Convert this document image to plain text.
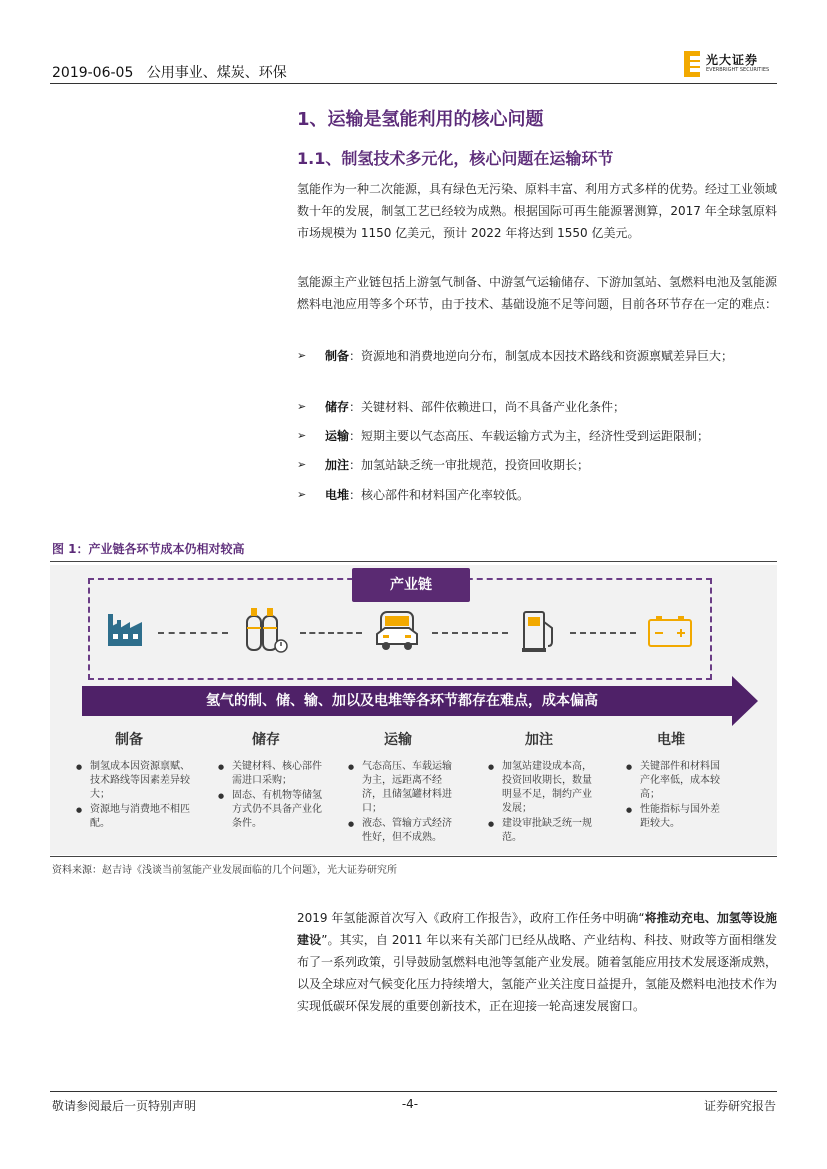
2019-06-05 公用事业、煤炭、环保
光大证券
EVERBRIGHT SECURITIES
1、运输是氢能利用的核心问题
1.1、制氢技术多元化，核心问题在运输环节
氢能作为一种二次能源，具有绿色无污染、原料丰富、利用方式多样的优势。经过工业领域数十年的发展，制氢工艺已经较为成熟。根据国际可再生能源署测算，2017 年全球氢原料市场规模为 1150 亿美元，预计 2022 年将达到 1550 亿美元。
氢能源主产业链包括上游氢气制备、中游氢气运输储存、下游加氢站、氢燃料电池及氢能源燃料电池应用等多个环节，由于技术、基础设施不足等问题，目前各环节存在一定的难点：
➢ 制备：资源地和消费地逆向分布，制氢成本因技术路线和资源禀赋差异巨大；
➢ 储存：关键材料、部件依赖进口，尚不具备产业化条件；
➢ 运输：短期主要以气态高压、车载运输方式为主，经济性受到运距限制；
➢ 加注：加氢站缺乏统一审批规范，投资回收期长；
➢ 电堆：核心部件和材料国产化率较低。
图 1：产业链各环节成本仍相对较高
产业链
氢气的制、储、输、加以及电堆等各环节都存在难点，成本偏高
制备
● 制氢成本因资源禀赋、技术路线等因素差异较大；
● 资源地与消费地不相匹配。
储存
● 关键材料、核心部件需进口采购；
● 固态、有机物等储氢方式仍不具备产业化条件。
运输
● 气态高压、车载运输为主，远距离不经济，且储氢罐材料进口；
● 液态、管输方式经济性好，但不成熟。
加注
● 加氢站建设成本高，投资回收期长，数量明显不足，制约产业发展；
● 建设审批缺乏统一规范。
电堆
● 关键部件和材料国产化率低，成本较高；
● 性能指标与国外差距较大。
资料来源：赵吉诗《浅谈当前氢能产业发展面临的几个问题》，光大证券研究所
2019 年氢能源首次写入《政府工作报告》，政府工作任务中明确“将推动充电、加氢等设施建设”。其实，自 2011 年以来有关部门已经从战略、产业结构、科技、财政等方面相继发布了一系列政策，引导鼓励氢燃料电池等氢能产业发展。随着氢能应用技术发展逐渐成熟，以及全球应对气候变化压力持续增大，氢能产业关注度日益提升，氢能及燃料电池技术作为实现低碳环保发展的重要创新技术，正在迎接一轮高速发展窗口。
敬请参阅最后一页特别声明	-4-	证券研究报告
